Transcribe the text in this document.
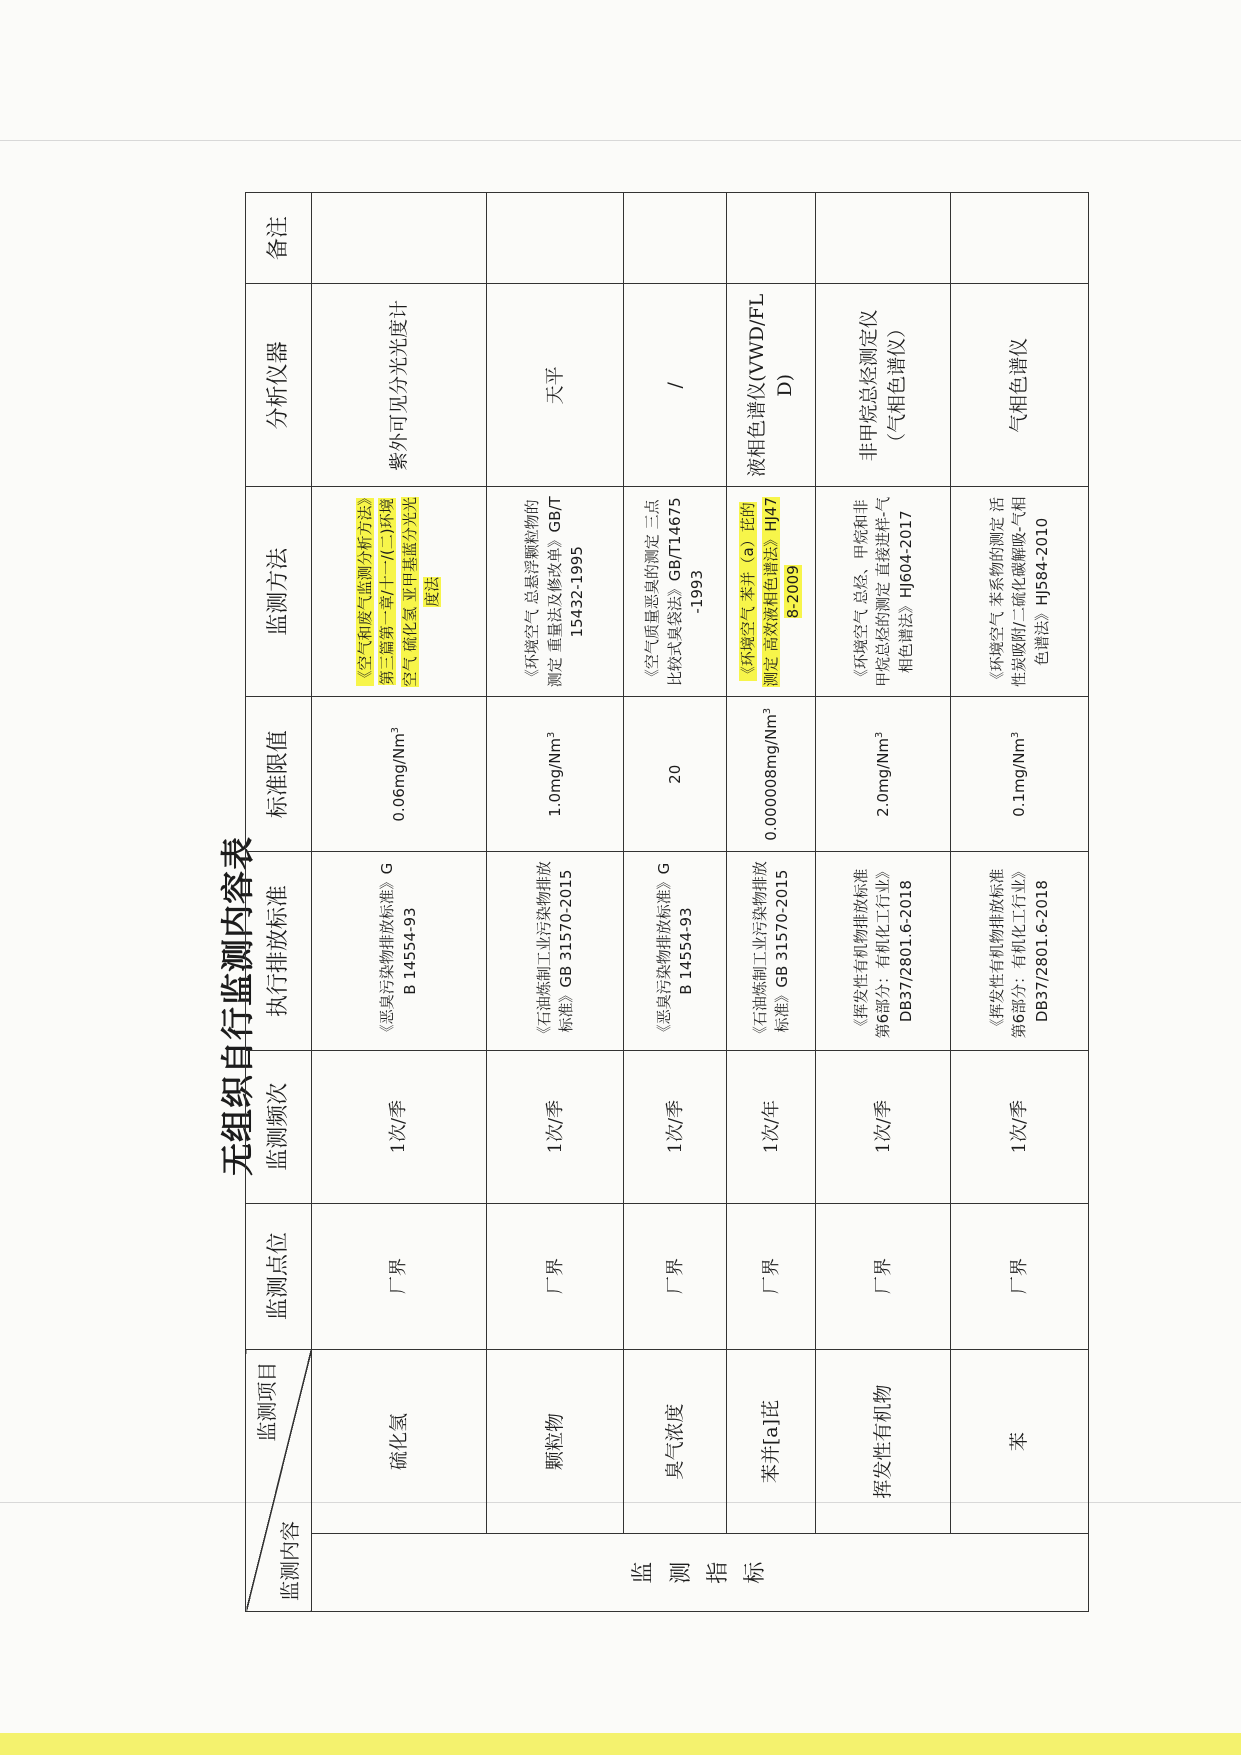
无组织自行监测内容表
监测项目
监测内容		监测点位	监测频次	执行排放标准	标准限值	监测方法	分析仪器	备注

监测指标	硫化氢	厂界	1次/季	《恶臭污染物排放标准》GB 14554-93	0.06mg/Nm$^3$	《空气和废气监测分析方法》第三篇第一章/十一/(二)环境空气 硫化氢 亚甲基蓝分光光度法	紫外可见分光光度计	
	颗粒物	厂界	1次/季	《石油炼制工业污染物排放标准》GB 31570-2015	1.0mg/Nm$^3$	《环境空气 总悬浮颗粒物的测定 重量法及修改单》GB/T15432-1995	天平	
	臭气浓度	厂界	1次/季	《恶臭污染物排放标准》GB 14554-93	20	《空气质量恶臭的测定 三点比较式臭袋法》GB/T14675-1993	/	
	苯并[a]芘	厂界	1次/年	《石油炼制工业污染物排放标准》GB 31570-2015	0.000008mg/Nm$^3$	《环境空气 苯并（a）芘的测定 高效液相色谱法》HJ478-2009	液相色谱仪(VWD/FLD)	
	挥发性有机物	厂界	1次/季	《挥发性有机物排放标准 第6部分：有机化工行业》DB37/2801.6-2018	2.0mg/Nm$^3$	《环境空气 总烃、甲烷和非甲烷总烃的测定 直接进样-气相色谱法》HJ604-2017	非甲烷总烃测定仪（气相色谱仪）	
	苯	厂界	1次/季	《挥发性有机物排放标准 第6部分：有机化工行业》DB37/2801.6-2018	0.1mg/Nm$^3$	《环境空气 苯系物的测定 活性炭吸附/二硫化碳解吸-气相色谱法》HJ584-2010	气相色谱仪	
